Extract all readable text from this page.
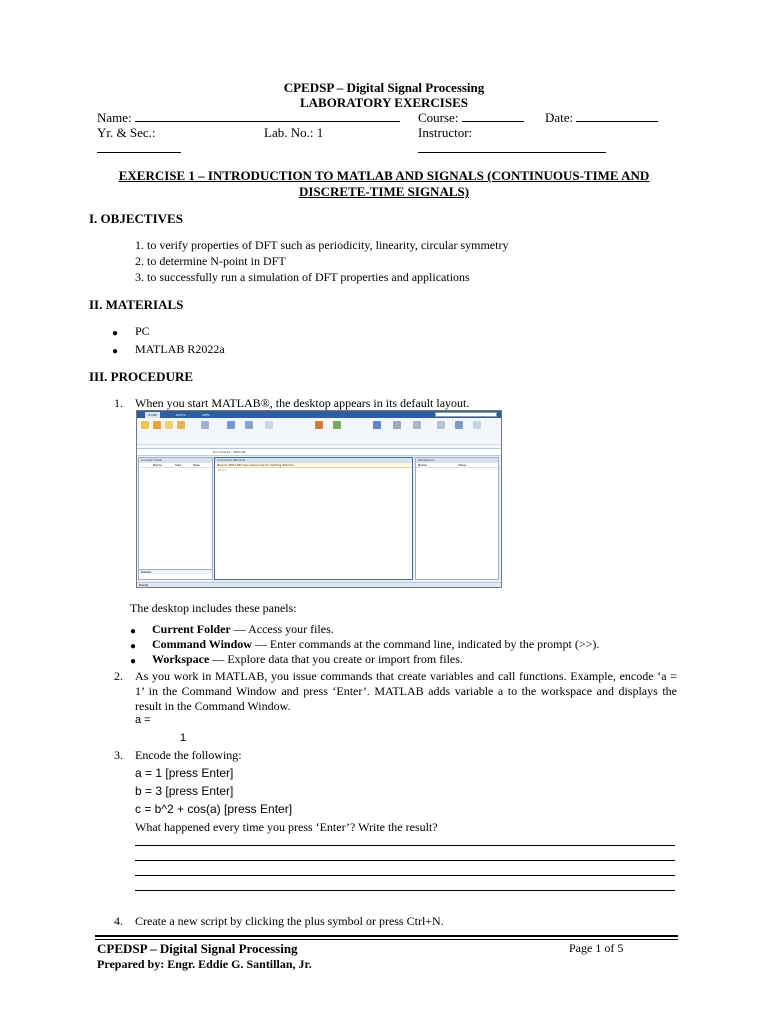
CPEDSP – Digital Signal Processing
LABORATORY EXERCISES
Name:	Course:	Date:
Yr. & Sec.:	Lab. No.: 1	Instructor:
EXERCISE 1 – INTRODUCTION TO MATLAB AND SIGNALS (CONTINUOUS-TIME AND
DISCRETE-TIME SIGNALS)
I. OBJECTIVES
1. to verify properties of DFT such as periodicity, linearity, circular symmetry
2. to determine N-point in DFT
3. to successfully run a simulation of DFT properties and applications
II. MATERIALS
● PC
● MATLAB R2022a
III. PROCEDURE
1. When you start MATLAB®, the desktop appears in its default layout.
HOME	PLOTS	APPS
Documents › MATLAB
Current Folder
Name	Size	Type
Details
Command Window
New to MATLAB? See resources for Getting Started.
fx >>
Workspace
Name	Value
Ready
The desktop includes these panels:
● Current Folder — Access your files.
● Command Window — Enter commands at the command line, indicated by the prompt (>>).
● Workspace — Explore data that you create or import from files.
2. As you work in MATLAB, you issue commands that create variables and call functions. Example, encode ‘a = 1’ in the Command Window and press ‘Enter’. MATLAB adds variable a to the workspace and displays the result in the Command Window.
a =
1
3. Encode the following:
a = 1 [press Enter]
b = 3 [press Enter]
c = b^2 + cos(a) [press Enter]
What happened every time you press ‘Enter’? Write the result?
4. Create a new script by clicking the plus symbol or press Ctrl+N.
CPEDSP – Digital Signal Processing	Page 1 of 5
Prepared by: Engr. Eddie G. Santillan, Jr.
